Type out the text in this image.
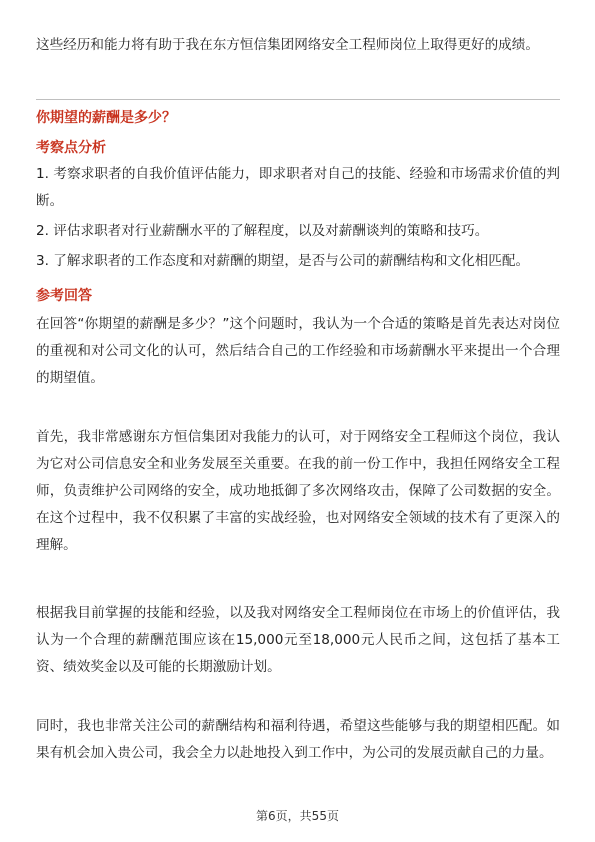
这些经历和能力将有助于我在东方恒信集团网络安全工程师岗位上取得更好的成绩。

你期望的薪酬是多少？

考察点分析

1. 考察求职者的自我价值评估能力，即求职者对自己的技能、经验和市场需求价值的判断。

2. 评估求职者对行业薪酬水平的了解程度，以及对薪酬谈判的策略和技巧。

3. 了解求职者的工作态度和对薪酬的期望，是否与公司的薪酬结构和文化相匹配。

参考回答

在回答“你期望的薪酬是多少？”这个问题时，我认为一个合适的策略是首先表达对岗位的重视和对公司文化的认可，然后结合自己的工作经验和市场薪酬水平来提出一个合理的期望值。

首先，我非常感谢东方恒信集团对我能力的认可，对于网络安全工程师这个岗位，我认为它对公司信息安全和业务发展至关重要。在我的前一份工作中，我担任网络安全工程师，负责维护公司网络的安全，成功地抵御了多次网络攻击，保障了公司数据的安全。在这个过程中，我不仅积累了丰富的实战经验，也对网络安全领域的技术有了更深入的理解。

根据我目前掌握的技能和经验，以及我对网络安全工程师岗位在市场上的价值评估，我认为一个合理的薪酬范围应该在15,000元至18,000元人民币之间，这包括了基本工资、绩效奖金以及可能的长期激励计划。

同时，我也非常关注公司的薪酬结构和福利待遇，希望这些能够与我的期望相匹配。如果有机会加入贵公司，我会全力以赴地投入到工作中，为公司的发展贡献自己的力量。

第6页，共55页
